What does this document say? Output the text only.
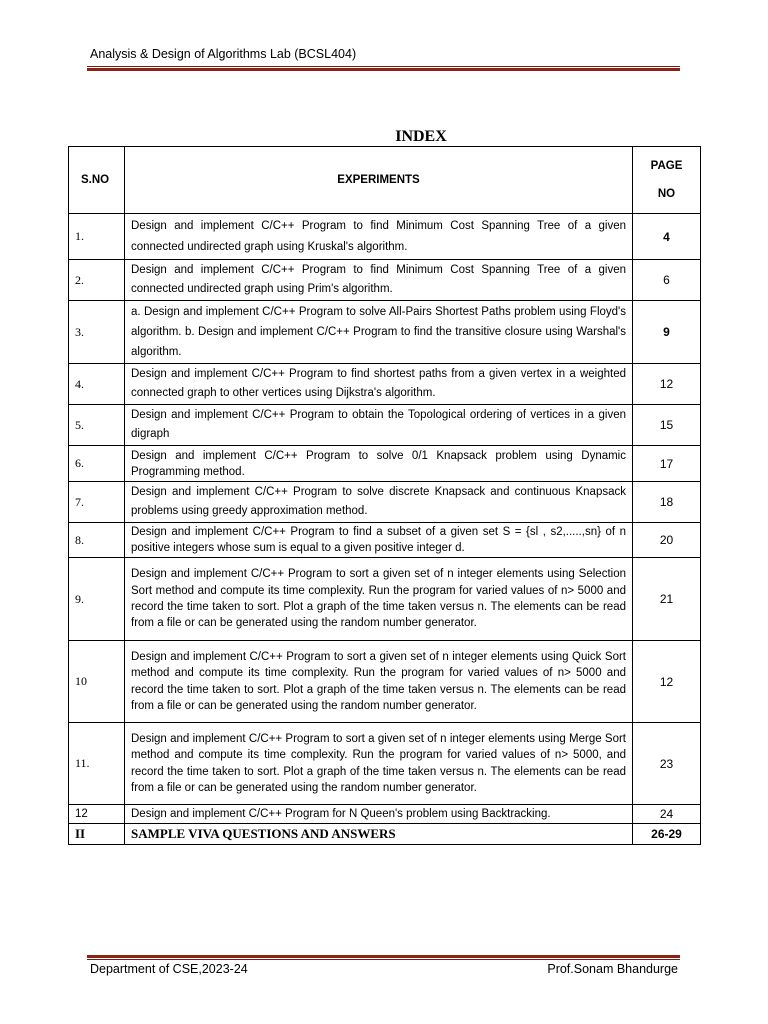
Analysis & Design of Algorithms Lab (BCSL404)
INDEX
S.NO	EXPERIMENTS	PAGE
NO

1.	Design and implement C/C++ Program to find Minimum Cost Spanning Tree of a given connected undirected graph using Kruskal's algorithm.	4
2.	Design and implement C/C++ Program to find Minimum Cost Spanning Tree of a given connected undirected graph using Prim's algorithm.	6
3.	a. Design and implement C/C++ Program to solve All-Pairs Shortest Paths problem using Floyd's algorithm. b. Design and implement C/C++ Program to find the transitive closure using Warshal's algorithm.	9
4.	Design and implement C/C++ Program to find shortest paths from a given vertex in a weighted connected graph to other vertices using Dijkstra's algorithm.	12
5.	Design and implement C/C++ Program to obtain the Topological ordering of vertices in a given digraph	15
6.	Design and implement C/C++ Program to solve 0/1 Knapsack problem using Dynamic Programming method.	17
7.	Design and implement C/C++ Program to solve discrete Knapsack and continuous Knapsack problems using greedy approximation method.	18
8.	Design and implement C/C++ Program to find a subset of a given set S = {sl , s2,.....,sn} of n positive integers whose sum is equal to a given positive integer d.	20
9.	Design and implement C/C++ Program to sort a given set of n integer elements using Selection Sort method and compute its time complexity. Run the program for varied values of n> 5000 and record the time taken to sort. Plot a graph of the time taken versus n. The elements can be read from a file or can be generated using the random number generator.	21
10	Design and implement C/C++ Program to sort a given set of n integer elements using Quick Sort method and compute its time complexity. Run the program for varied values of n> 5000 and record the time taken to sort. Plot a graph of the time taken versus n. The elements can be read from a file or can be generated using the random number generator.	12
11.	Design and implement C/C++ Program to sort a given set of n integer elements using Merge Sort method and compute its time complexity. Run the program for varied values of n> 5000, and record the time taken to sort. Plot a graph of the time taken versus n. The elements can be read from a file or can be generated using the random number generator.	23
12	Design and implement C/C++ Program for N Queen's problem using Backtracking.	24
II	SAMPLE VIVA QUESTIONS AND ANSWERS	26-29
Department of CSE,2023-24	Prof.Sonam Bhandurge
